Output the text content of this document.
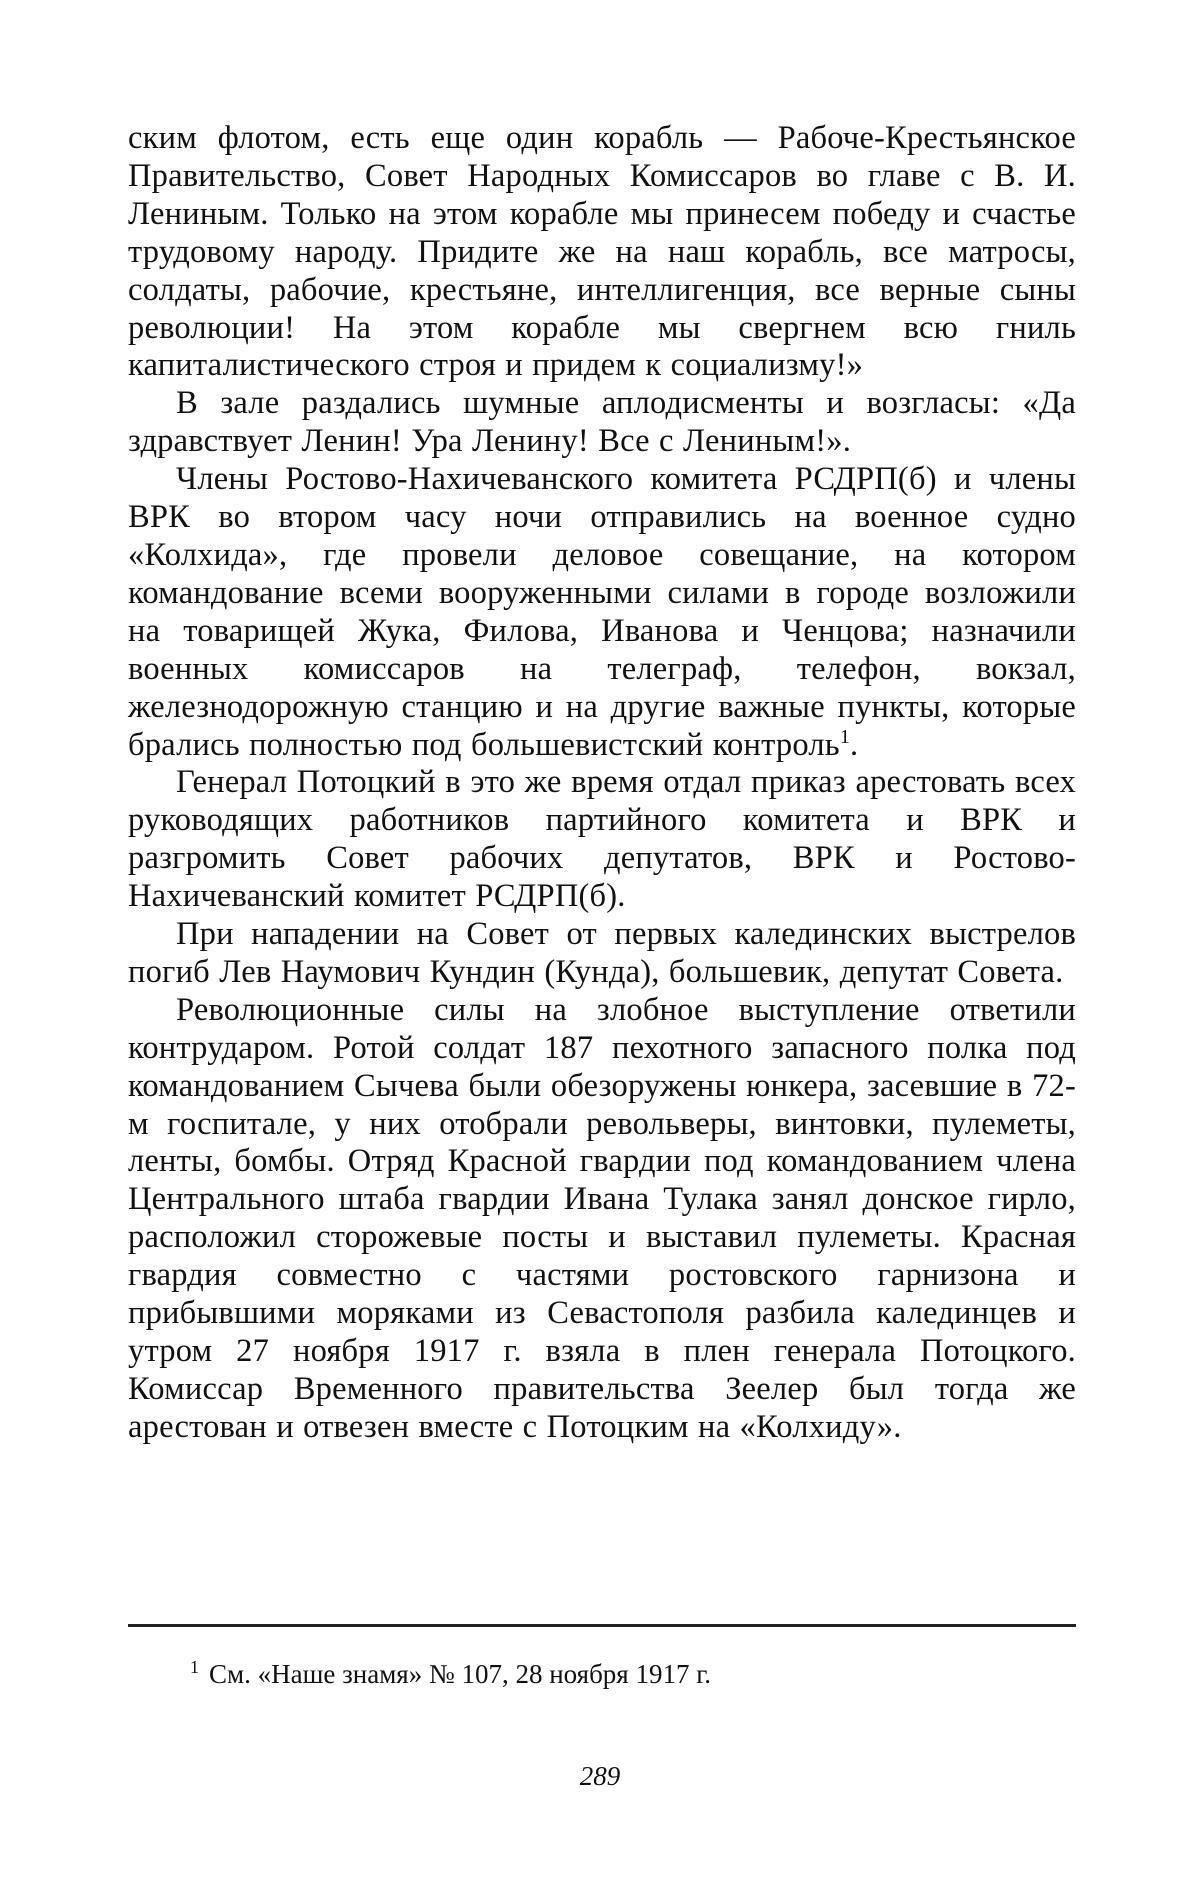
ским флотом, есть еще один корабль — Рабоче-Крестьянское Правительство, Совет Народных Комиссаров во главе с В. И. Лениным. Только на этом корабле мы принесем победу и счастье трудовому народу. Придите же на наш корабль, все матросы, солдаты, рабочие, крестьяне, интеллигенция, все верные сыны революции! На этом корабле мы свергнем всю гниль капиталистического строя и придем к социализму!»

В зале раздались шумные аплодисменты и возгласы: «Да здравствует Ленин! Ура Ленину! Все с Лениным!».

Члены Ростово-Нахичеванского комитета РСДРП(б) и члены ВРК во втором часу ночи отправились на военное судно «Колхида», где провели деловое совещание, на котором командование всеми вооруженными силами в городе возложили на товарищей Жука, Филова, Иванова и Ченцова; назначили военных комиссаров на телеграф, телефон, вокзал, железнодорожную станцию и на другие важные пункты, которые брались полностью под большевистский контроль$^1$.

Генерал Потоцкий в это же время отдал приказ арестовать всех руководящих работников партийного комитета и ВРК и разгромить Совет рабочих депутатов, ВРК и Ростово-Нахичеванский комитет РСДРП(б).

При нападении на Совет от первых калединских выстрелов погиб Лев Наумович Кундин (Кунда), большевик, депутат Совета.

Революционные силы на злобное выступление ответили контрударом. Ротой солдат 187 пехотного запасного полка под командованием Сычева были обезоружены юнкера, засевшие в 72-м госпитале, у них отобрали револьверы, винтовки, пулеметы, ленты, бомбы. Отряд Красной гвардии под командованием члена Центрального штаба гвардии Ивана Тулака занял донское гирло, расположил сторожевые посты и выставил пулеметы. Красная гвардия совместно с частями ростовского гарнизона и прибывшими моряками из Севастополя разбила калединцев и утром 27 ноября 1917 г. взяла в плен генерала Потоцкого. Комиссар Временного правительства Зеелер был тогда же арестован и отвезен вместе с Потоцким на «Колхиду».

$^1$ См. «Наше знамя» № 107, 28 ноября 1917 г.
289
